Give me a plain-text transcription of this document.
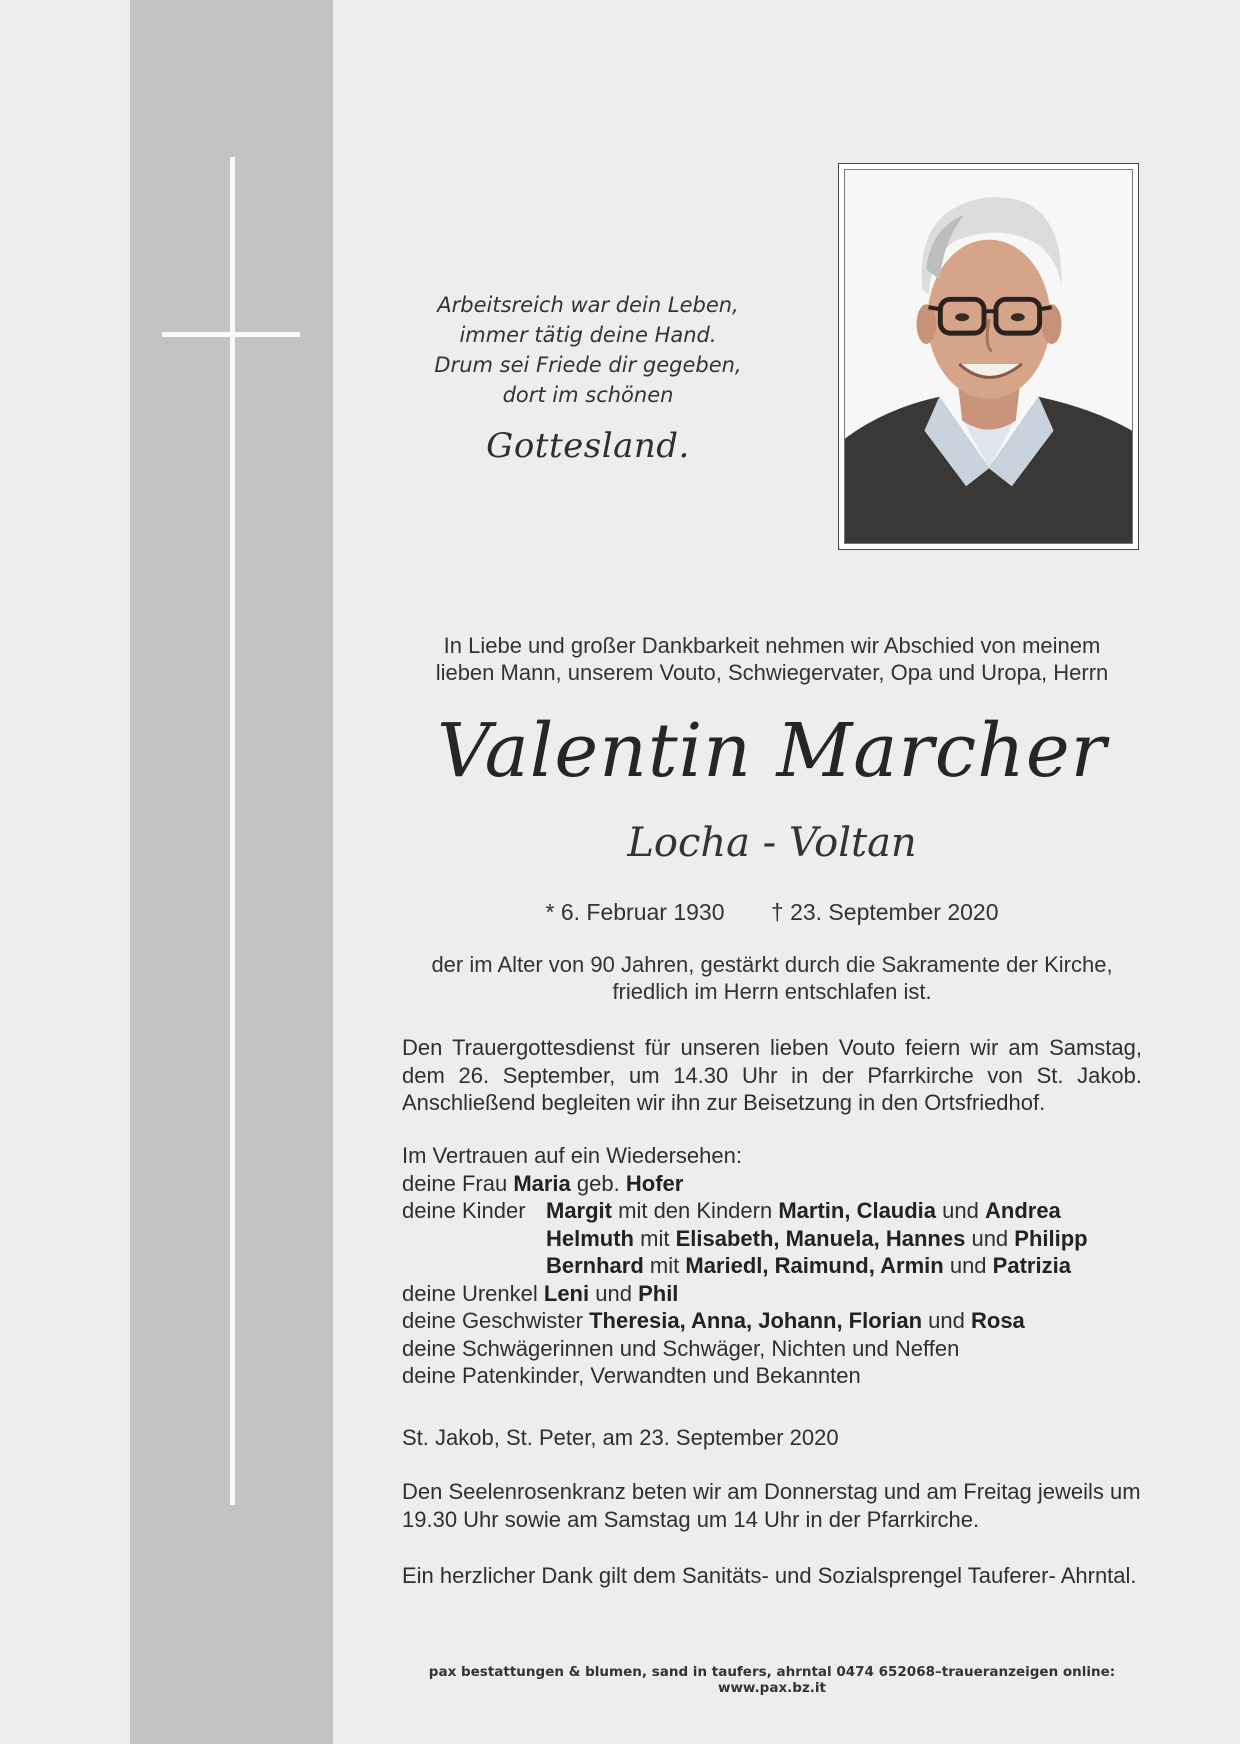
Arbeitsreich war dein Leben,
immer tätig deine Hand.
Drum sei Friede dir gegeben,
dort im schönen
Gottesland.
In Liebe und großer Dankbarkeit nehmen wir Abschied von meinem
lieben Mann, unserem Vouto, Schwiegervater, Opa und Uropa, Herrn
Valentin Marcher
Locha - Voltan
* 6. Februar 1930 † 23. September 2020
der im Alter von 90 Jahren, gestärkt durch die Sakramente der Kirche,
friedlich im Herrn entschlafen ist.
Den Trauergottesdienst für unseren lieben Vouto feiern wir am Samstag, dem 26. September, um 14.30 Uhr in der Pfarrkirche von St. Jakob. Anschließend begleiten wir ihn zur Beisetzung in den Ortsfriedhof.
Im Vertrauen auf ein Wiedersehen:
deine Frau Maria geb. Hofer
deine Kinder Margit mit den Kindern Martin, Claudia und Andrea
Helmuth mit Elisabeth, Manuela, Hannes und Philipp
Bernhard mit Mariedl, Raimund, Armin und Patrizia
deine Urenkel Leni und Phil
deine Geschwister Theresia, Anna, Johann, Florian und Rosa
deine Schwägerinnen und Schwäger, Nichten und Neffen
deine Patenkinder, Verwandten und Bekannten
St. Jakob, St. Peter, am 23. September 2020
Den Seelenrosenkranz beten wir am Donnerstag und am Freitag jeweils um
19.30 Uhr sowie am Samstag um 14 Uhr in der Pfarrkirche.
Ein herzlicher Dank gilt dem Sanitäts- und Sozialsprengel Tauferer- Ahrntal.
pax bestattungen & blumen, sand in taufers, ahrntal 0474 652068–traueranzeigen online: www.pax.bz.it
